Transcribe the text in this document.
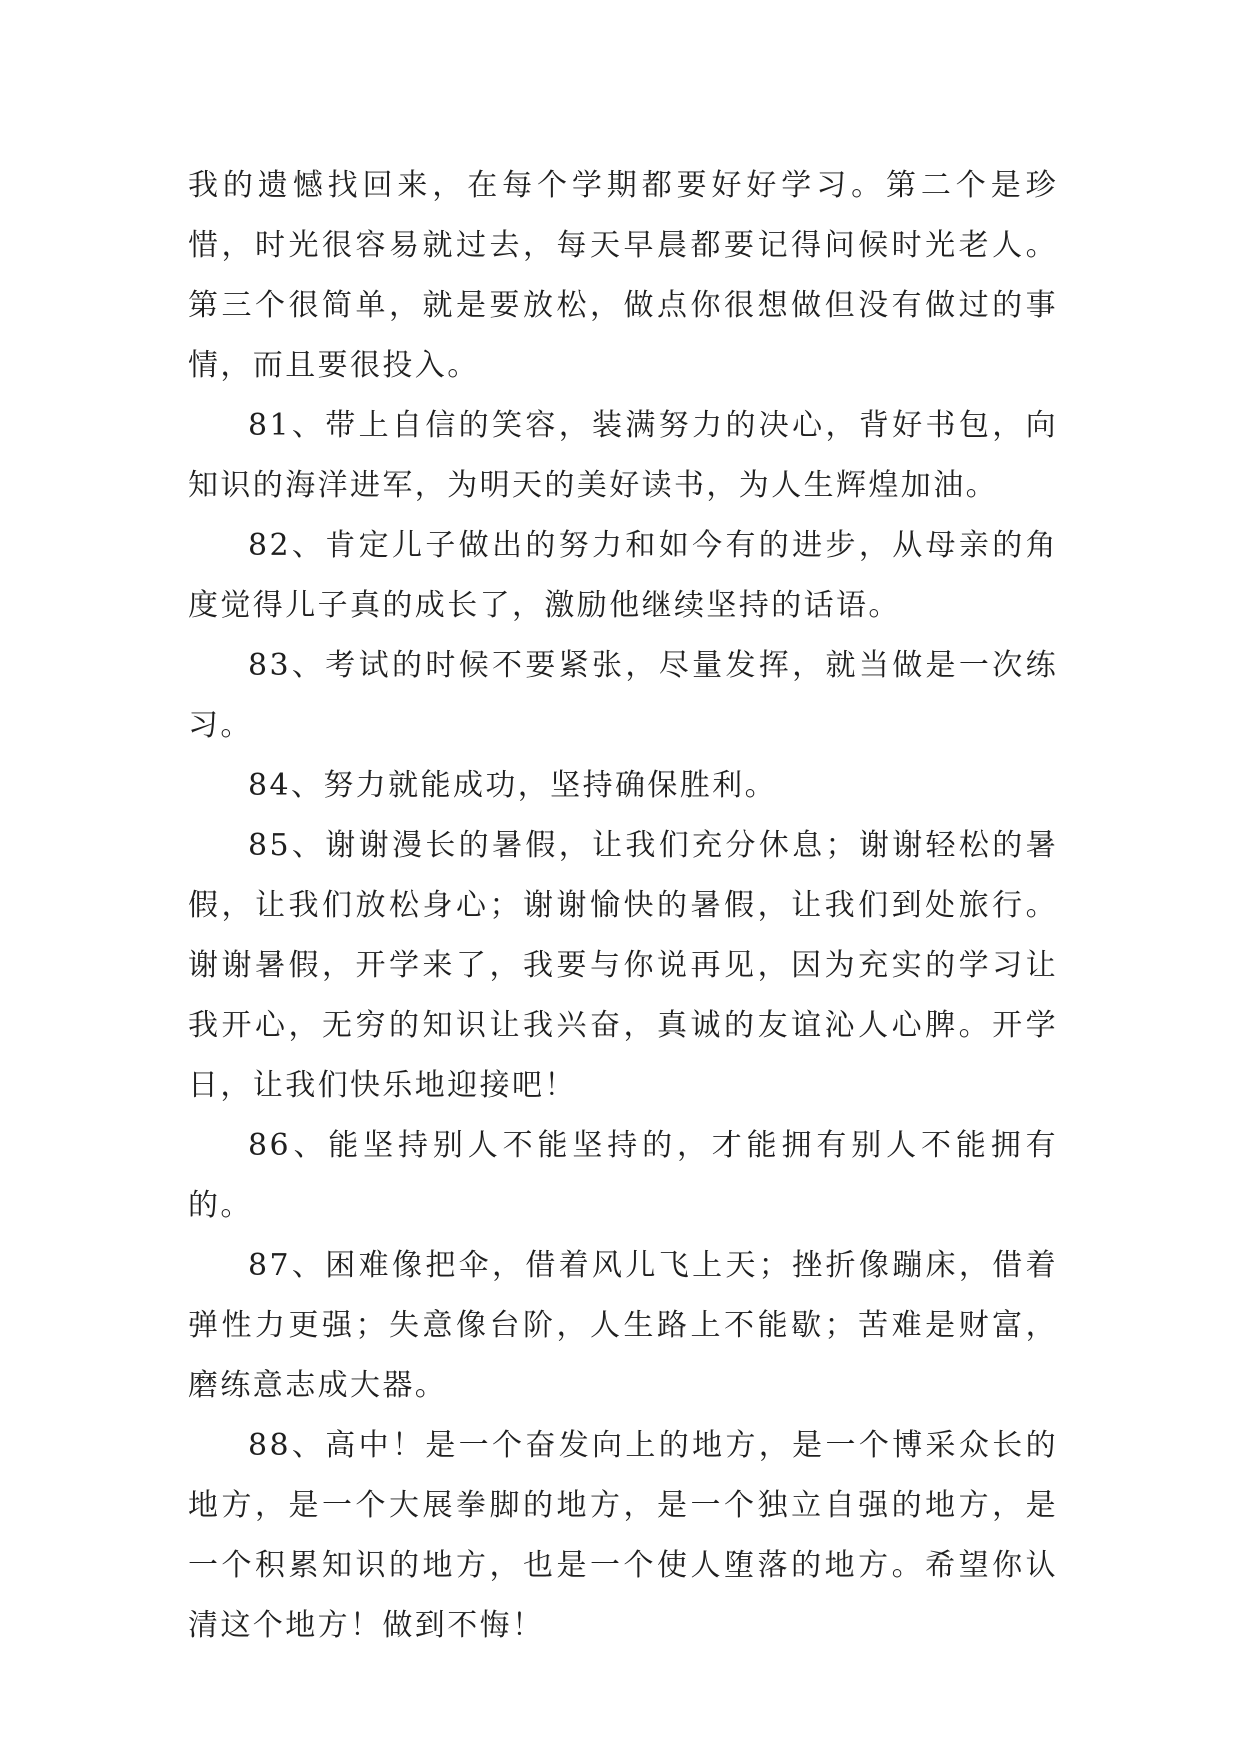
我的遗憾找回来，在每个学期都要好好学习。第二个是珍惜，时光很容易就过去，每天早晨都要记得问候时光老人。第三个很简单，就是要放松，做点你很想做但没有做过的事情，而且要很投入。

81、带上自信的笑容，装满努力的决心，背好书包，向知识的海洋进军，为明天的美好读书，为人生辉煌加油。

82、肯定儿子做出的努力和如今有的进步，从母亲的角度觉得儿子真的成长了，激励他继续坚持的话语。

83、考试的时候不要紧张，尽量发挥，就当做是一次练习。

84、努力就能成功，坚持确保胜利。

85、谢谢漫长的暑假，让我们充分休息；谢谢轻松的暑假，让我们放松身心；谢谢愉快的暑假，让我们到处旅行。谢谢暑假，开学来了，我要与你说再见，因为充实的学习让我开心，无穷的知识让我兴奋，真诚的友谊沁人心脾。开学日，让我们快乐地迎接吧！

86、能坚持别人不能坚持的，才能拥有别人不能拥有的。

87、困难像把伞，借着风儿飞上天；挫折像蹦床，借着弹性力更强；失意像台阶，人生路上不能歇；苦难是财富，磨练意志成大器。

88、高中！是一个奋发向上的地方，是一个博采众长的地方，是一个大展拳脚的地方，是一个独立自强的地方，是一个积累知识的地方，也是一个使人堕落的地方。希望你认清这个地方！做到不悔！
